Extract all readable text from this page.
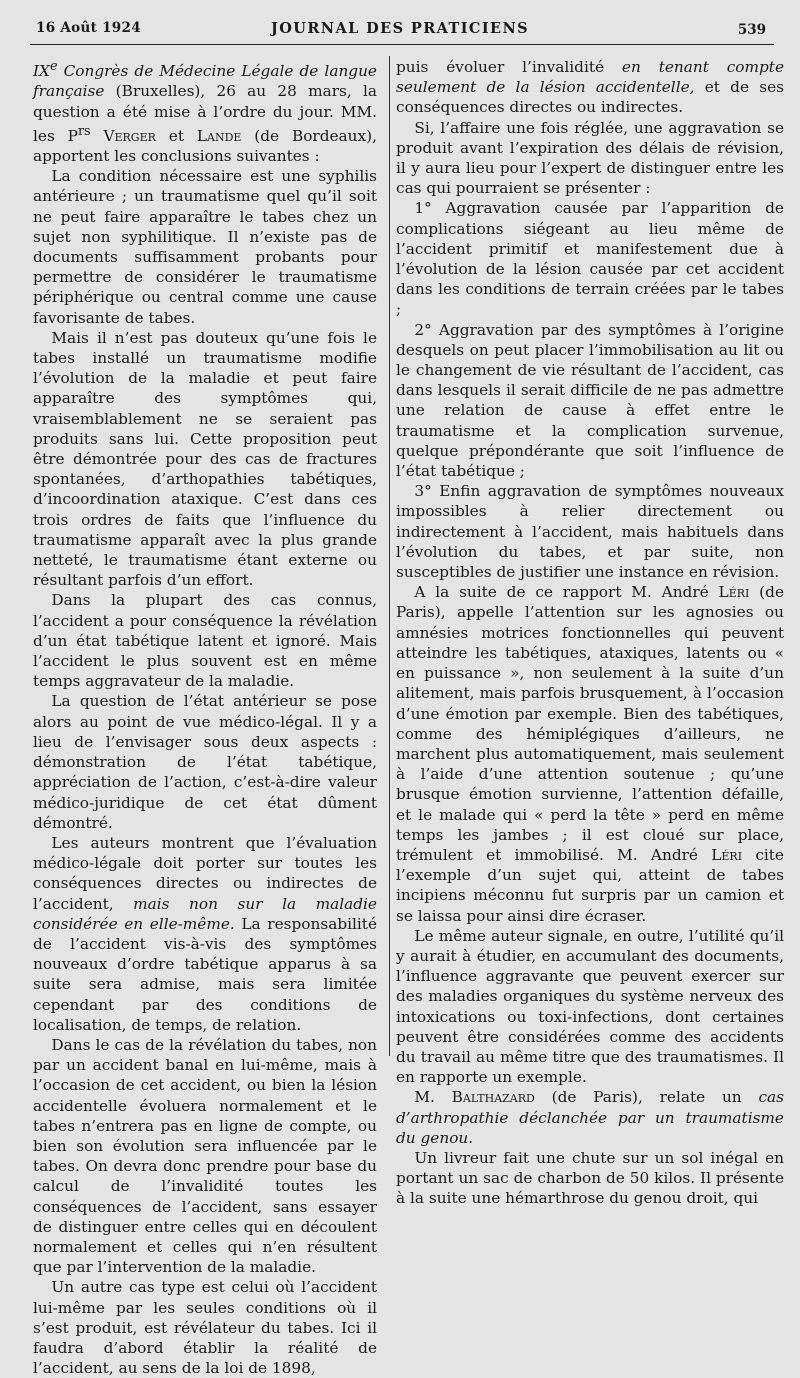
16 Août 1924	JOURNAL DES PRATICIENS	539

IXe Congrès de Médecine Légale de langue française (Bruxelles), 26 au 28 mars, la question a été mise à l’ordre du jour. MM. les $P^{rs}$ Verger et Lande (de Bordeaux), apportent les conclusions suivantes :

La condition nécessaire est une syphilis antérieure ; un traumatisme quel qu’il soit ne peut faire apparaître le tabes chez un sujet non syphilitique. Il n’existe pas de documents suffisamment probants pour permettre de considérer le traumatisme périphérique ou central comme une cause favorisante de tabes.

Mais il n’est pas douteux qu’une fois le tabes installé un traumatisme modifie l’évolution de la maladie et peut faire apparaître des symptômes qui, vraisemblablement ne se seraient pas produits sans lui. Cette proposition peut être démontrée pour des cas de fractures spontanées, d’arthopathies tabétiques, d’incoordination ataxique. C’est dans ces trois ordres de faits que l’influence du traumatisme apparaît avec la plus grande netteté, le traumatisme étant externe ou résultant parfois d’un effort.

Dans la plupart des cas connus, l’accident a pour conséquence la révélation d’un état tabétique latent et ignoré. Mais l’accident le plus souvent est en même temps aggravateur de la maladie.

La question de l’état antérieur se pose alors au point de vue médico-légal. Il y a lieu de l’envisager sous deux aspects : démonstration de l’état tabétique, appréciation de l’action, c’est-à-dire valeur médico-juridique de cet état dûment démontré.

Les auteurs montrent que l’évaluation médico-légale doit porter sur toutes les conséquences directes ou indirectes de l’accident, mais non sur la maladie considérée en elle-même. La responsabilité de l’accident vis-à-vis des symptômes nouveaux d’ordre tabétique apparus à sa suite sera admise, mais sera limitée cependant par des conditions de localisation, de temps, de relation.

Dans le cas de la révélation du tabes, non par un accident banal en lui-même, mais à l’occasion de cet accident, ou bien la lésion accidentelle évoluera normalement et le tabes n’entrera pas en ligne de compte, ou bien son évolution sera influencée par le tabes. On devra donc prendre pour base du calcul de l’invalidité toutes les conséquences de l’accident, sans essayer de distinguer entre celles qui en découlent normalement et celles qui n’en résultent que par l’intervention de la maladie.

Un autre cas type est celui où l’accident lui-même par les seules conditions où il s’est produit, est révélateur du tabes. Ici il faudra d’abord établir la réalité de l’accident, au sens de la loi de 1898,

puis évoluer l’invalidité en tenant compte seulement de la lésion accidentelle, et de ses conséquences directes ou indirectes.

Si, l’affaire une fois réglée, une aggravation se produit avant l’expiration des délais de révision, il y aura lieu pour l’expert de distinguer entre les cas qui pourraient se présenter :

1° Aggravation causée par l’apparition de complications siégeant au lieu même de l’accident primitif et manifestement due à l’évolution de la lésion causée par cet accident dans les conditions de terrain créées par le tabes ;

2° Aggravation par des symptômes à l’origine desquels on peut placer l’immobilisation au lit ou le changement de vie résultant de l’accident, cas dans lesquels il serait difficile de ne pas admettre une relation de cause à effet entre le traumatisme et la complication survenue, quelque prépondérante que soit l’influence de l’état tabétique ;

3° Enfin aggravation de symptômes nouveaux impossibles à relier directement ou indirectement à l’accident, mais habituels dans l’évolution du tabes, et par suite, non susceptibles de justifier une instance en révision.

A la suite de ce rapport M. André Léri (de Paris), appelle l’attention sur les agnosies ou amnésies motrices fonctionnelles qui peuvent atteindre les tabétiques, ataxiques, latents ou « en puissance », non seulement à la suite d’un alitement, mais parfois brusquement, à l’occasion d’une émotion par exemple. Bien des tabétiques, comme des hémiplégiques d’ailleurs, ne marchent plus automatiquement, mais seulement à l’aide d’une attention soutenue ; qu’une brusque émotion survienne, l’attention défaille, et le malade qui « perd la tête » perd en même temps les jambes ; il est cloué sur place, trémulent et immobilisé. M. André Léri cite l’exemple d’un sujet qui, atteint de tabes incipiens méconnu fut surpris par un camion et se laissa pour ainsi dire écraser.

Le même auteur signale, en outre, l’utilité qu’il y aurait à étudier, en accumulant des documents, l’influence aggravante que peuvent exercer sur des maladies organiques du système nerveux des intoxications ou toxi-infections, dont certaines peuvent être considérées comme des accidents du travail au même titre que des traumatismes. Il en rapporte un exemple.

M. Balthazard (de Paris), relate un cas d’arthropathie déclanchée par un traumatisme du genou.

Un livreur fait une chute sur un sol inégal en portant un sac de charbon de 50 kilos. Il présente à la suite une hémarthrose du genou droit, qui
